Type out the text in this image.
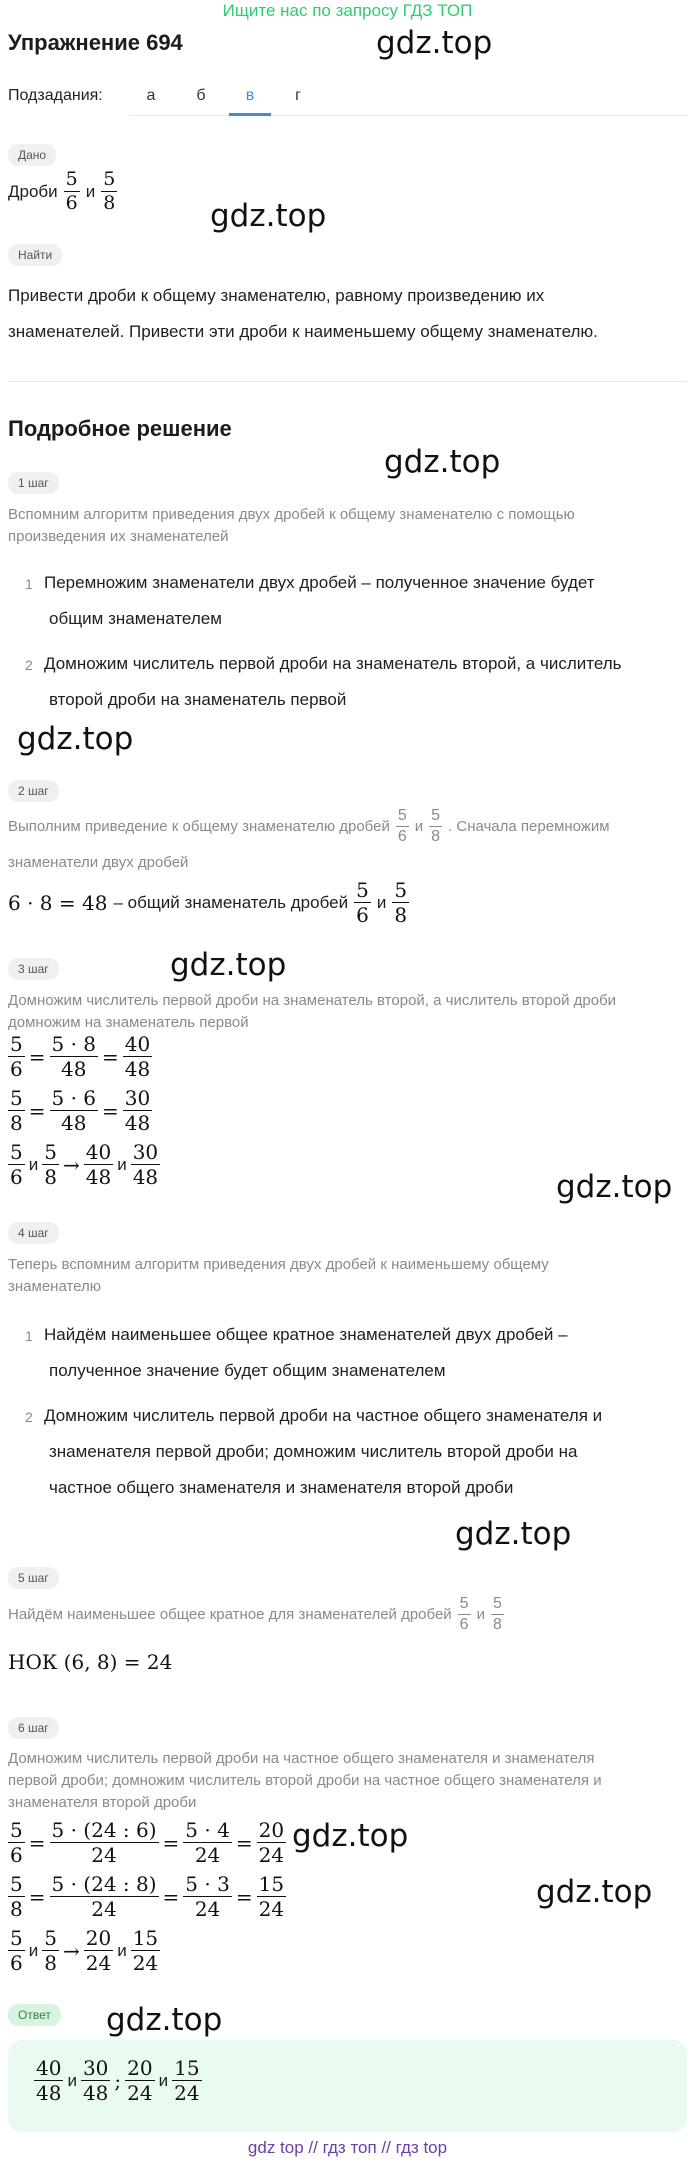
Ищите нас по запросу ГДЗ ТОП
Упражнение 694	gdz.top
gdz.top
gdz.top
gdz.top
gdz.top
gdz.top
gdz.top
gdz.top
gdz.top
gdz.top
Подзадания:	а	б	в	г
Дано
Дроби $\frac{5}{6}$ и $\frac{5}{8}$
Найти
Привести дроби к общему знаменателю, равному произведению их
знаменателей. Привести эти дроби к наименьшему общему знаменателю.
Подробное решение
1 шаг
Вспомним алгоритм приведения двух дробей к общему знаменателю с помощью
произведения их знаменателей
1 Перемножим знаменатели двух дробей – полученное значение будет
общим знаменателем
2 Домножим числитель первой дроби на знаменатель второй, а числитель
второй дроби на знаменатель первой
2 шаг
Выполним приведение к общему знаменателю дробей $\frac{5}{6}$ и $\frac{5}{8}$ . Сначала перемножим
знаменатели двух дробей
6 · 8 = 48 – общий знаменатель дробей $\frac{5}{6}$ и $\frac{5}{8}$
3 шаг
Домножим числитель первой дроби на знаменатель второй, а числитель второй дроби
домножим на знаменатель первой
$\frac{5}{6} = \frac{5 \cdot 8}{48} = \frac{40}{48}$
$\frac{5}{8} = \frac{5 \cdot 6}{48} = \frac{30}{48}$
$\frac{5}{6}$ и $\frac{5}{8} \to \frac{40}{48}$ и $\frac{30}{48}$
4 шаг
Теперь вспомним алгоритм приведения двух дробей к наименьшему общему
знаменателю
1 Найдём наименьшее общее кратное знаменателей двух дробей –
полученное значение будет общим знаменателем
2 Домножим числитель первой дроби на частное общего знаменателя и
знаменателя первой дроби; домножим числитель второй дроби на
частное общего знаменателя и знаменателя второй дроби
5 шаг
Найдём наименьшее общее кратное для знаменателей дробей $\frac{5}{6}$ и $\frac{5}{8}$
НОК (6, 8) = 24
6 шаг
Домножим числитель первой дроби на частное общего знаменателя и знаменателя
первой дроби; домножим числитель второй дроби на частное общего знаменателя и
знаменателя второй дроби
$\frac{5}{6} = \frac{5 \cdot (24 : 6)}{24} = \frac{5 \cdot 4}{24} = \frac{20}{24}$
$\frac{5}{8} = \frac{5 \cdot (24 : 8)}{24} = \frac{5 \cdot 3}{24} = \frac{15}{24}$
$\frac{5}{6}$ и $\frac{5}{8} \to \frac{20}{24}$ и $\frac{15}{24}$
Ответ
$\frac{40}{48}$ и $\frac{30}{48}$ ; $\frac{20}{24}$ и $\frac{15}{24}$
gdz top // гдз топ // гдз top
